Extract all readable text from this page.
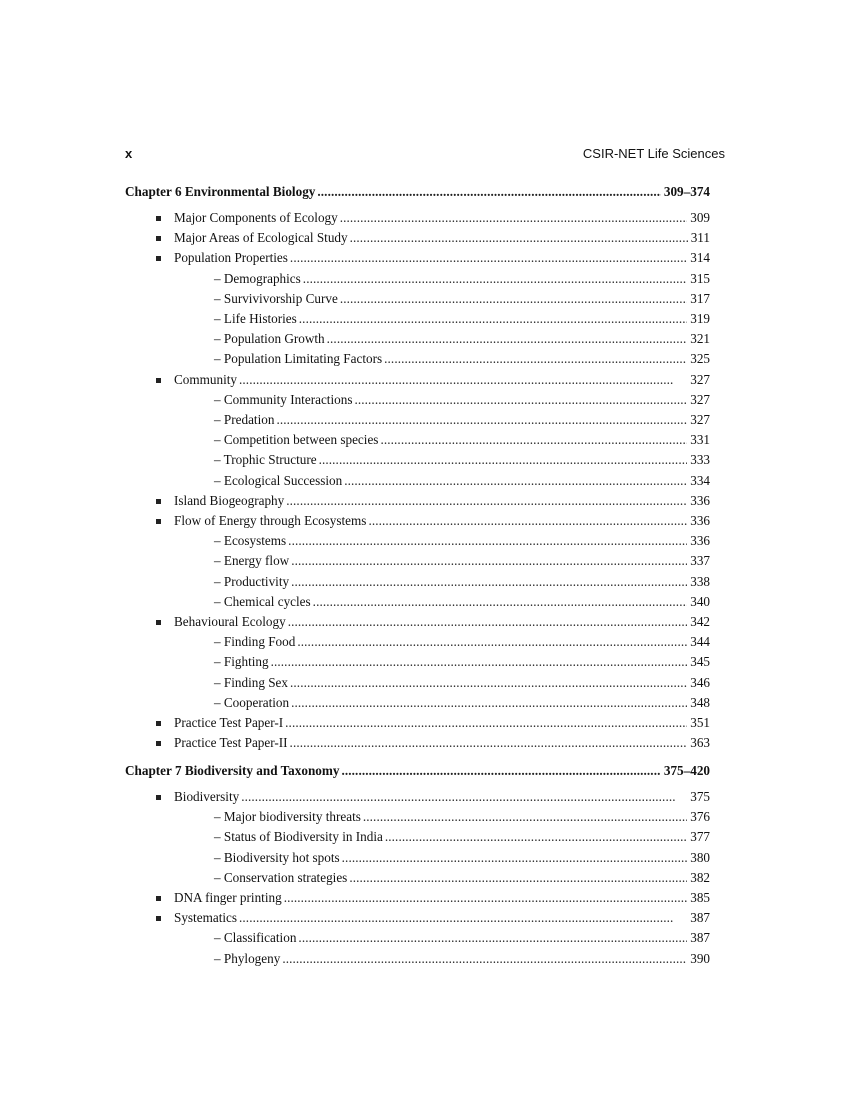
x	CSIR-NET Life Sciences
Chapter 6 Environmental Biology . . .	309–374
Major Components of Ecology . . .	309
Major Areas of Ecological Study . . .	311
Population Properties . . .	314
– Demographics . . .	315
– Survivivorship Curve . . .	317
– Life Histories . . .	319
– Population Growth . . .	321
– Population Limitating Factors . . .	325
Community . . .	327
– Community Interactions . . .	327
– Predation . . .	327
– Competition between species . . .	331
– Trophic Structure . . .	333
– Ecological Succession . . .	334
Island Biogeography . . .	336
Flow of Energy through Ecosystems . . .	336
– Ecosystems . . .	336
– Energy flow . . .	337
– Productivity . . .	338
– Chemical cycles . . .	340
Behavioural Ecology . . .	342
– Finding Food . . .	344
– Fighting . . .	345
– Finding Sex . . .	346
– Cooperation . . .	348
Practice Test Paper-I . . .	351
Practice Test Paper-II . . .	363
Chapter 7 Biodiversity and Taxonomy . . .	375–420
Biodiversity . . .	375
– Major biodiversity threats . . .	376
– Status of Biodiversity in India . . .	377
– Biodiversity hot spots . . .	380
– Conservation strategies . . .	382
DNA finger printing . . .	385
Systematics . . .	387
– Classification . . .	387
– Phylogeny . . .	390
